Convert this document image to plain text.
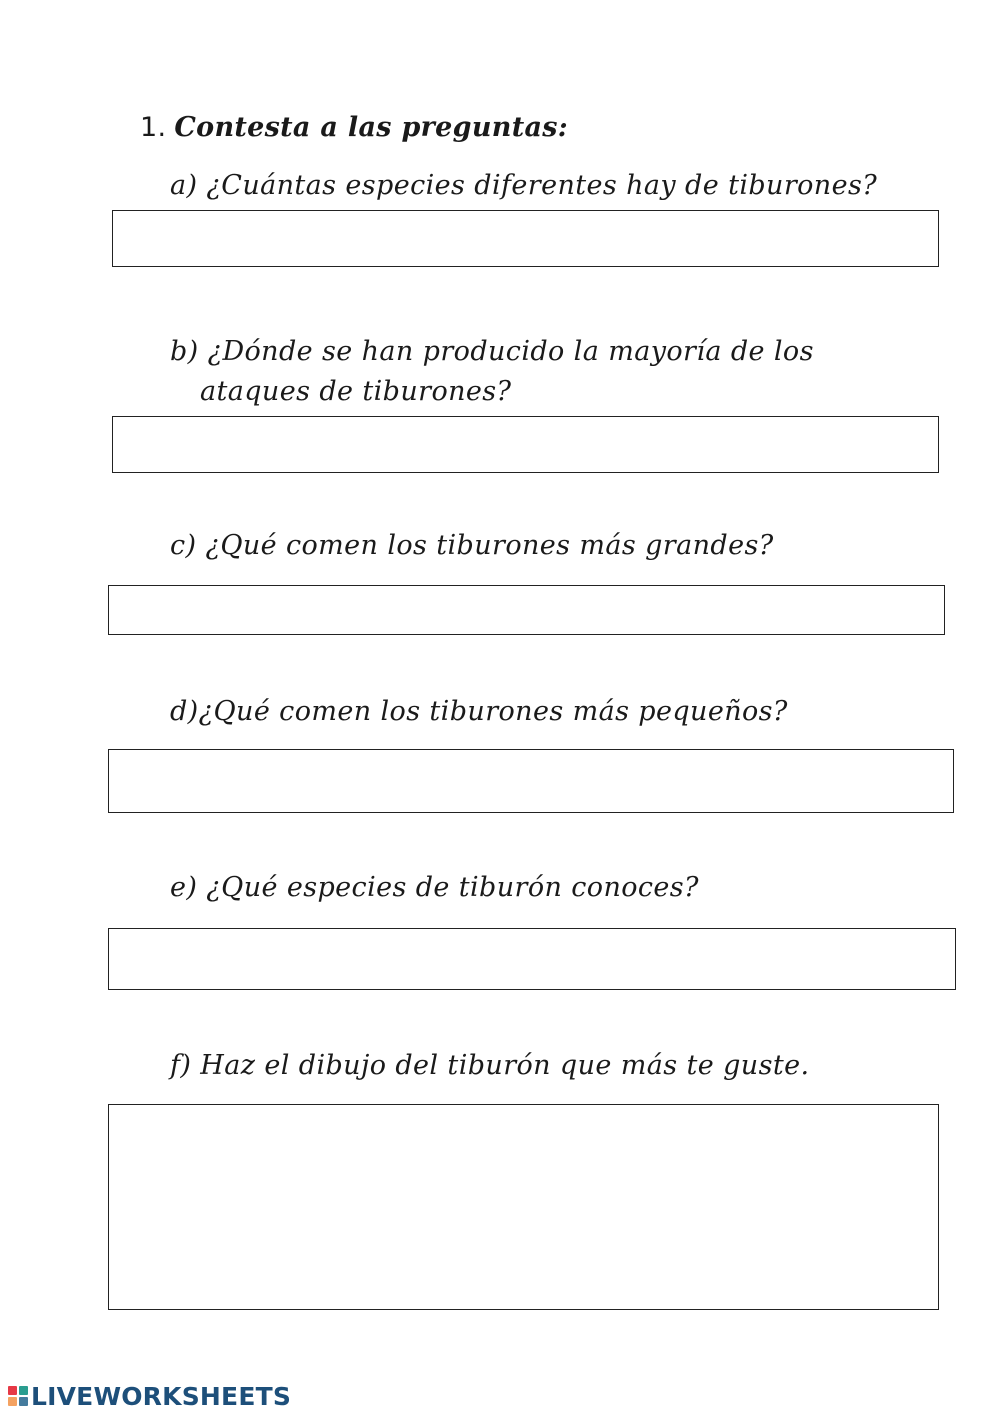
1. Contesta a las preguntas:
a) ¿Cuántas especies diferentes hay de tiburones?
b) ¿Dónde se han producido la mayoría de los
ataques de tiburones?
c) ¿Qué comen los tiburones más grandes?
d)¿Qué comen los tiburones más pequeños?
e) ¿Qué especies de tiburón conoces?
f) Haz el dibujo del tiburón que más te guste.
LIVEWORKSHEETS
